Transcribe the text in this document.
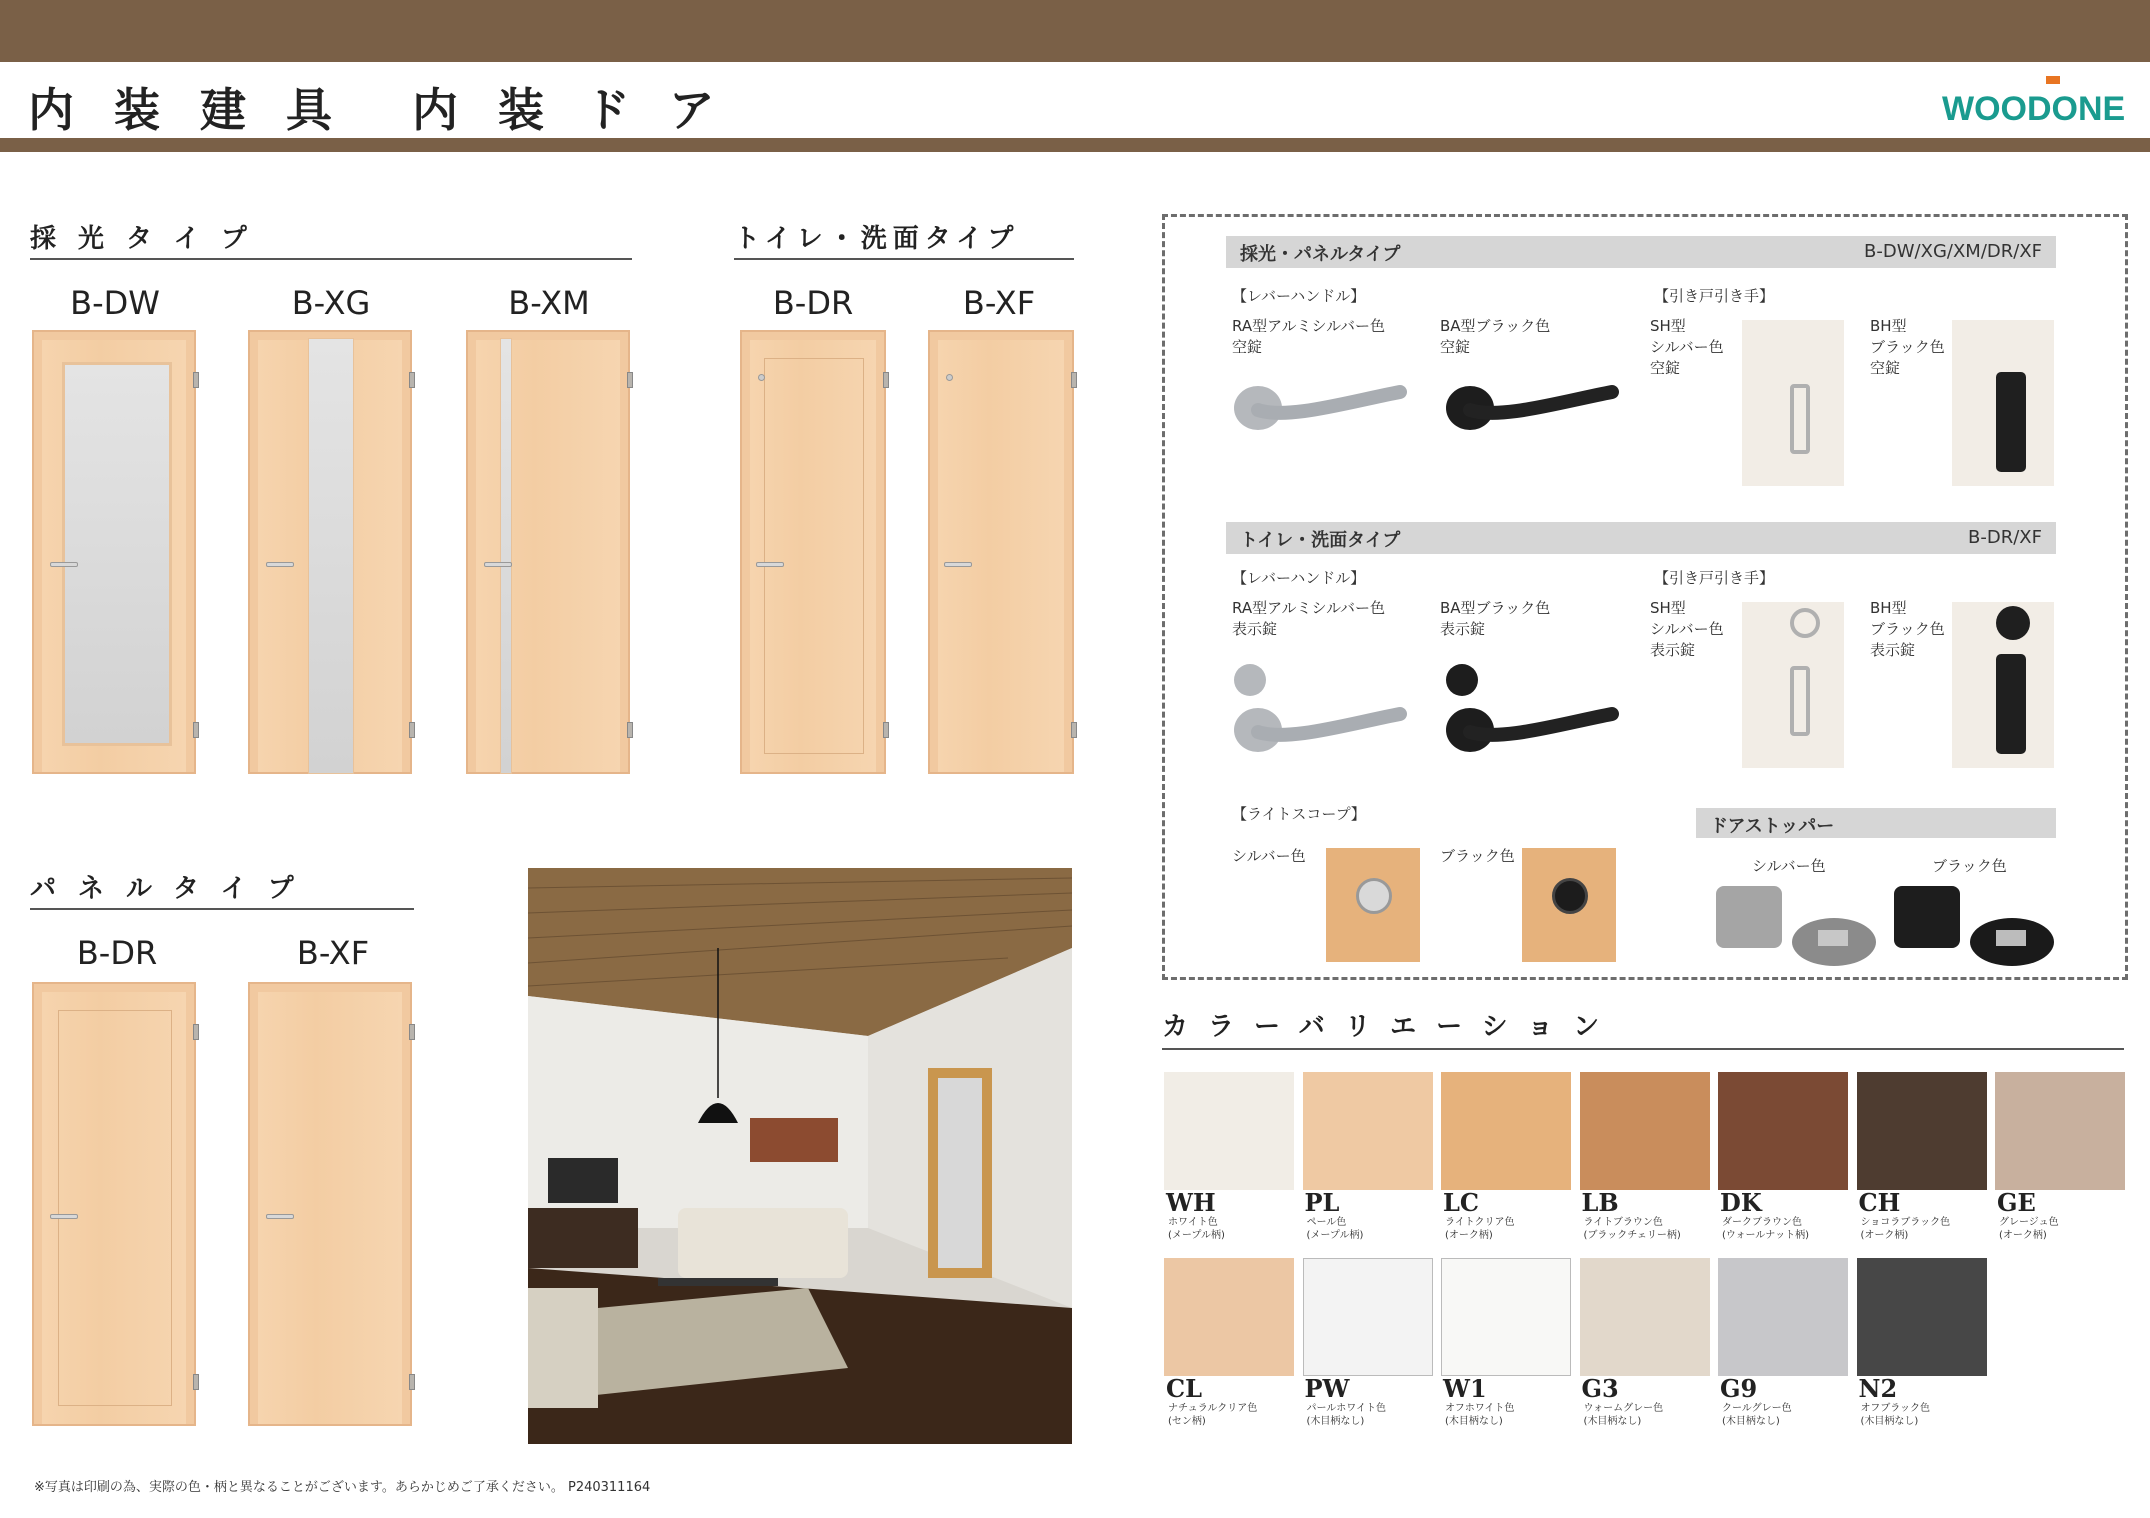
内装建具 内装ドア	WOODONE
採光タイプ	トイレ・洗面タイプ
パネルタイプ
B-DW	B-XG	B-XM	B-DR	B-XF
B-DR	B-XF
採光・パネルタイプ	B-DW/XG/XM/DR/XF
【レバーハンドル】	【引き戸引き手】
RA型アルミシルバー色
空錠
BA型ブラック色
空錠
SH型
シルバー色
空錠
BH型
ブラック色
空錠
トイレ・洗面タイプ	B-DR/XF
【レバーハンドル】	【引き戸引き手】
RA型アルミシルバー色
表示錠
BA型ブラック色
表示錠
SH型
シルバー色
表示錠
BH型
ブラック色
表示錠
【ライトスコープ】
シルバー色	ブラック色
ドアストッパー
シルバー色	ブラック色
カラーバリエーション
WH
ホワイト色
(メープル柄)
PL
ペール色
(メープル柄)
LC
ライトクリア色
(オーク柄)
LB
ライトブラウン色
(ブラックチェリー柄)
DK
ダークブラウン色
(ウォールナット柄)
CH
ショコラブラック色
(オーク柄)
GE
グレージュ色
(オーク柄)
CL
ナチュラルクリア色
(セン柄)
PW
パールホワイト色
(木目柄なし)
W1
オフホワイト色
(木目柄なし)
G3
ウォームグレー色
(木目柄なし)
G9
クールグレー色
(木目柄なし)
N2
オフブラック色
(木目柄なし)
※写真は印刷の為、実際の色・柄と異なることがございます。あらかじめご了承ください。 P240311164
